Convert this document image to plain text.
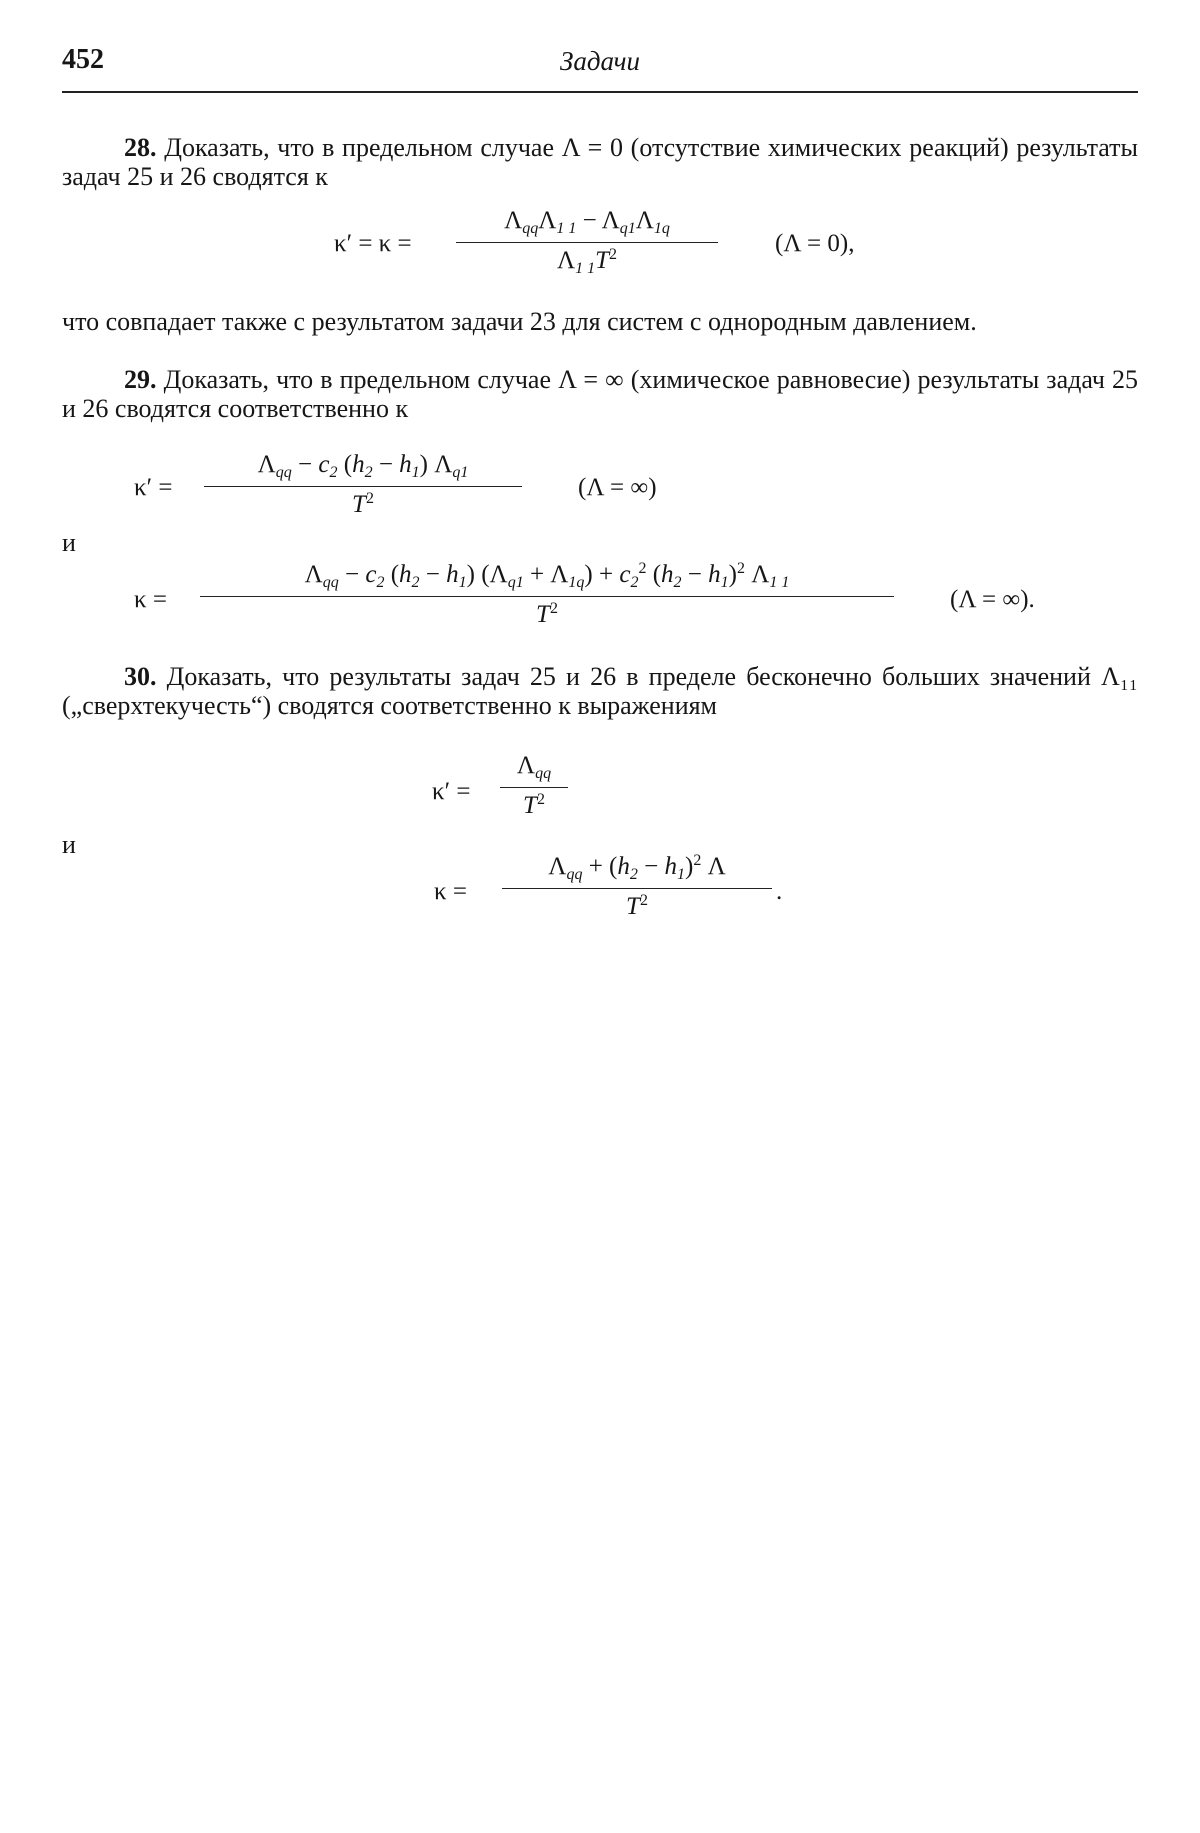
452	Задачи

28. Доказать, что в предельном случае Λ = 0 (отсутствие химических реакций) результаты задач 25 и 26 сводятся к

κ′ = κ =
$\Lambda_{qq}\Lambda_{1 1} - \Lambda_{q1}\Lambda_{1q}$
$\Lambda_{1 1}T^2$	(Λ = 0),

что совпадает также с результатом задачи 23 для систем с однородным давлением.

29. Доказать, что в предельном случае Λ = ∞ (химическое равновесие) результаты задач 25 и 26 сводятся соответственно к

κ′ =
$\Lambda_{qq} - c_2$ $(h_2 - h_1)$ $\Lambda_{q1}$
$T^2$	(Λ = ∞)
и
κ =
$\Lambda_{qq} - c_2$ $(h_2 - h_1) (\Lambda_{q1} + \Lambda_{1q}) + c_2^2$ $(h_2 - h_1)^2$ $\Lambda_{1 1}$
$T^2$	(Λ = ∞).

30. Доказать, что результаты задач 25 и 26 в пределе бесконечно больших значений Λ₁₁ („сверхтекучесть“) сводятся соответственно к выражениям

κ′ =
$\Lambda_{qq}$
$T^2$
и
κ =
$\Lambda_{qq} + (h_2 - h_1)^2$ Λ
$T^2$	.
